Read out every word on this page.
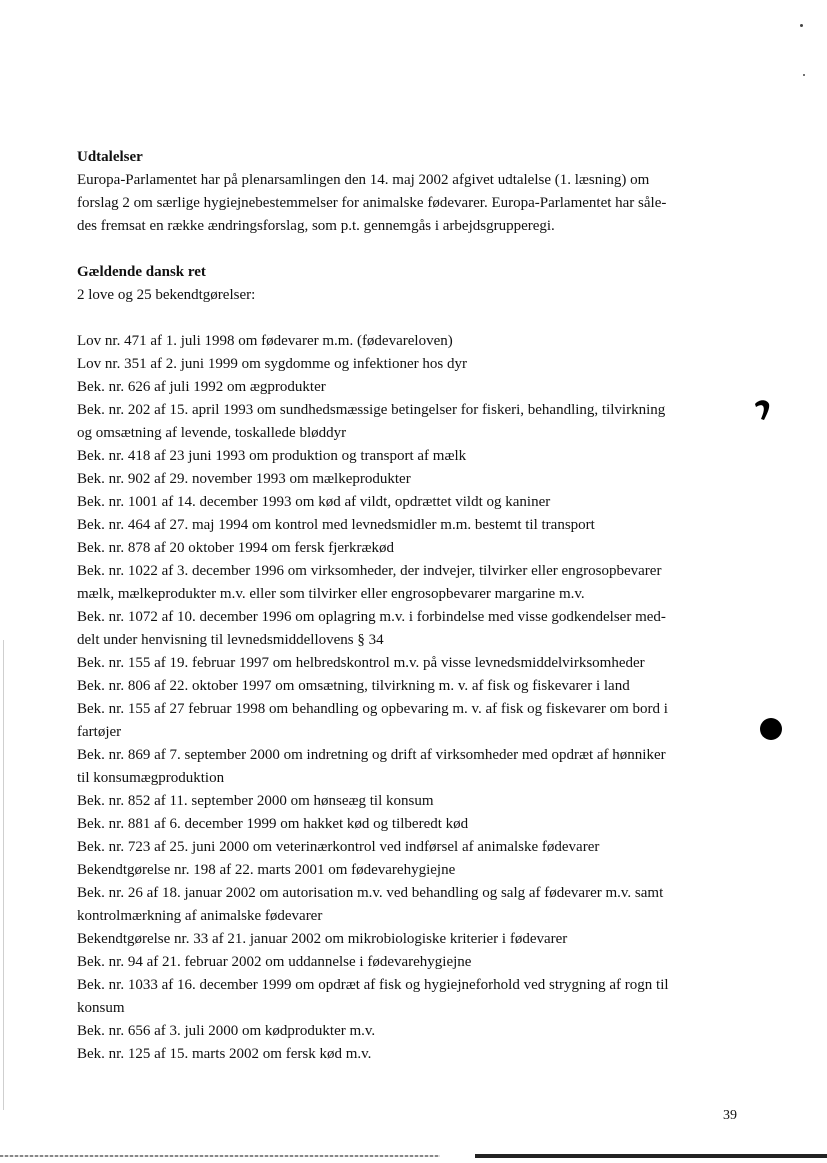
Udtalelser
Europa-Parlamentet har på plenarsamlingen den 14. maj 2002 afgivet udtalelse (1. læsning) om
forslag 2 om særlige hygiejnebestemmelser for animalske fødevarer. Europa-Parlamentet har såle-
des fremsat en række ændringsforslag, som p.t. gennemgås i arbejdsgrupperegi.
Gældende dansk ret
2 love og 25 bekendtgørelser:
Lov nr. 471 af 1. juli 1998 om fødevarer m.m. (fødevareloven)
Lov nr. 351 af 2. juni 1999 om sygdomme og infektioner hos dyr
Bek. nr. 626 af juli 1992 om ægprodukter
Bek. nr. 202 af 15. april 1993 om sundhedsmæssige betingelser for fiskeri, behandling, tilvirkning
og omsætning af levende, toskallede bløddyr
Bek. nr. 418 af 23 juni 1993 om produktion og transport af mælk
Bek. nr. 902 af 29. november 1993 om mælkeprodukter
Bek. nr. 1001 af 14. december 1993 om kød af vildt, opdrættet vildt og kaniner
Bek. nr. 464 af 27. maj 1994 om kontrol med levnedsmidler m.m. bestemt til transport
Bek. nr. 878 af 20 oktober 1994 om fersk fjerkrækød
Bek. nr. 1022 af 3. december 1996 om virksomheder, der indvejer, tilvirker eller engrosopbevarer
mælk, mælkeprodukter m.v. eller som tilvirker eller engrosopbevarer margarine m.v.
Bek. nr. 1072 af 10. december 1996 om oplagring m.v. i forbindelse med visse godkendelser med-
delt under henvisning til levnedsmiddellovens § 34
Bek. nr. 155 af 19. februar 1997 om helbredskontrol m.v. på visse levnedsmiddelvirksomheder
Bek. nr. 806 af 22. oktober 1997 om omsætning, tilvirkning m. v. af fisk og fiskevarer i land
Bek. nr. 155 af 27 februar 1998 om behandling og opbevaring m. v. af fisk og fiskevarer om bord i
fartøjer
Bek. nr. 869 af 7. september 2000 om indretning og drift af virksomheder med opdræt af hønniker
til konsumægproduktion
Bek. nr. 852 af 11. september 2000 om hønseæg til konsum
Bek. nr. 881 af 6. december 1999 om hakket kød og tilberedt kød
Bek. nr. 723 af 25. juni 2000 om veterinærkontrol ved indførsel af animalske fødevarer
Bekendtgørelse nr. 198 af 22. marts 2001 om fødevarehygiejne
Bek. nr. 26 af 18. januar 2002 om autorisation m.v. ved behandling og salg af fødevarer m.v. samt
kontrolmærkning af animalske fødevarer
Bekendtgørelse nr. 33 af 21. januar 2002 om mikrobiologiske kriterier i fødevarer
Bek. nr. 94 af 21. februar 2002 om uddannelse i fødevarehygiejne
Bek. nr. 1033 af 16. december 1999 om opdræt af fisk og hygiejneforhold ved strygning af rogn til
konsum
Bek. nr. 656 af 3. juli 2000 om kødprodukter m.v.
Bek. nr. 125 af 15. marts 2002 om fersk kød m.v.
39
